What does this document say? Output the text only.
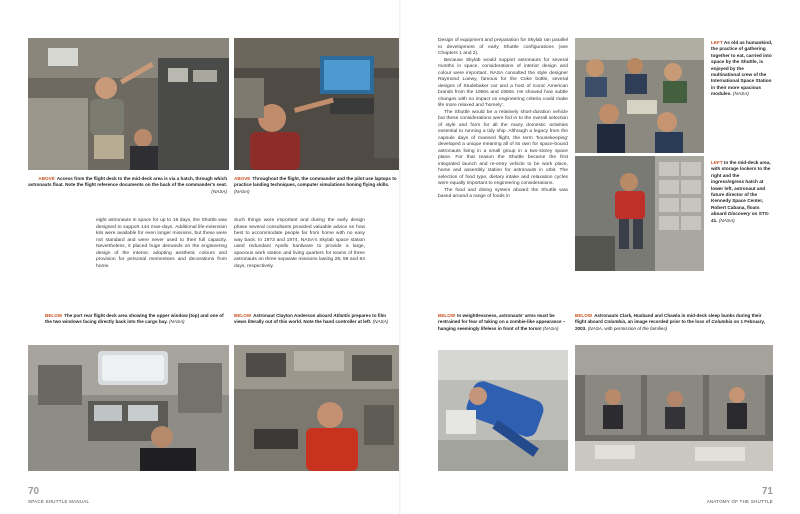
ABOVE Access from the flight deck to the mid-deck area is via a hatch, through which astronauts float. Note the flight reference documents on the back of the commander's seat. (NASA)
ABOVE Throughout the flight, the commander and the pilot use laptops to practice landing techniques, computer simulations honing flying skills. (NASA)
LEFT As old as humankind, the practice of gathering together to eat, carried into space by the Shuttle, is enjoyed by the multinational crew of the International Space Station in their more spacious modules. (NASA)
LEFT In the mid-deck area, with storage lockers to the right and the ingress/egress hatch at lower left, astronaut and future director of the Kennedy Space Center, Robert Cabana, floats aboard Discovery on STS-41. (NASA)

eight astronauts in space for up to 18 days, the Shuttle was designed to support 144 man-days. Additional life-extension kits were available for even longer missions, but these were not standard and were never used to their full capacity. Nevertheless, it placed huge demands on the engineering design of the interior, adopting aesthetic colours and provision for personal mementoes and decorations from home.

Such things were important and during the early design phase several consultants provided valuable advice on how best to accommodate people far from home with no easy way back. In 1973 and 1974, NASA's Skylab space station used redundant Apollo hardware to provide a large, spacious work station and living quarters for teams of three astronauts on three separate missions lasting 28, 59 and 84 days, respectively.

Design of equipment and preparation for Skylab ran parallel to development of early Shuttle configurations (see Chapters 1 and 2).

Because Skylab would support astronauts for several months in space, considerations of interior design and colour were important. NASA consulted the style designer Raymond Loewy, famous for the Coke bottle, several designs of Studebaker car and a host of iconic American brands from the 1950s and 1960s. He showed how subtle changes with no impact on engineering criteria could make life more relaxed and 'homely'.

The Shuttle would be a relatively short-duration vehicle but these considerations were fed in to the overall selection of style and form for all the many domestic activities essential to running a tidy ship. Although a legacy from the capsule days of manned flight, the term 'housekeeping' developed a unique meaning all of its own for space-bound astronauts living in a small group in a two-storey space plane. For that reason the Shuttle became the first integrated launch and re-entry vehicle to be work place, home and assembly station for astronauts in orbit. The selection of food type, dietary intake and relaxation cycles were equally important to engineering considerations.

The food and dining system aboard the Shuttle was based around a range of foods in

BELOW The port rear flight deck area showing the upper window (top) and one of the two windows facing directly back into the cargo bay. (NASA)
BELOW Astronaut Clayton Anderson aboard Atlantis prepares to film views literally out of this world. Note the hand controller at left. (NASA)
BELOW In weightlessness, astronauts' arms must be restrained for fear of taking on a zombie-like appearance – hanging seemingly lifeless in front of the torso! (NASA)
BELOW Astronauts Clark, Husband and Chawla in mid-deck sleep bunks during their flight aboard Columbia, an image recorded prior to the loss of Columbia on 1 February, 2003. (NASA, with permission of the families)
70
SPACE SHUTTLE MANUAL
71
ANATOMY OF THE SHUTTLE
